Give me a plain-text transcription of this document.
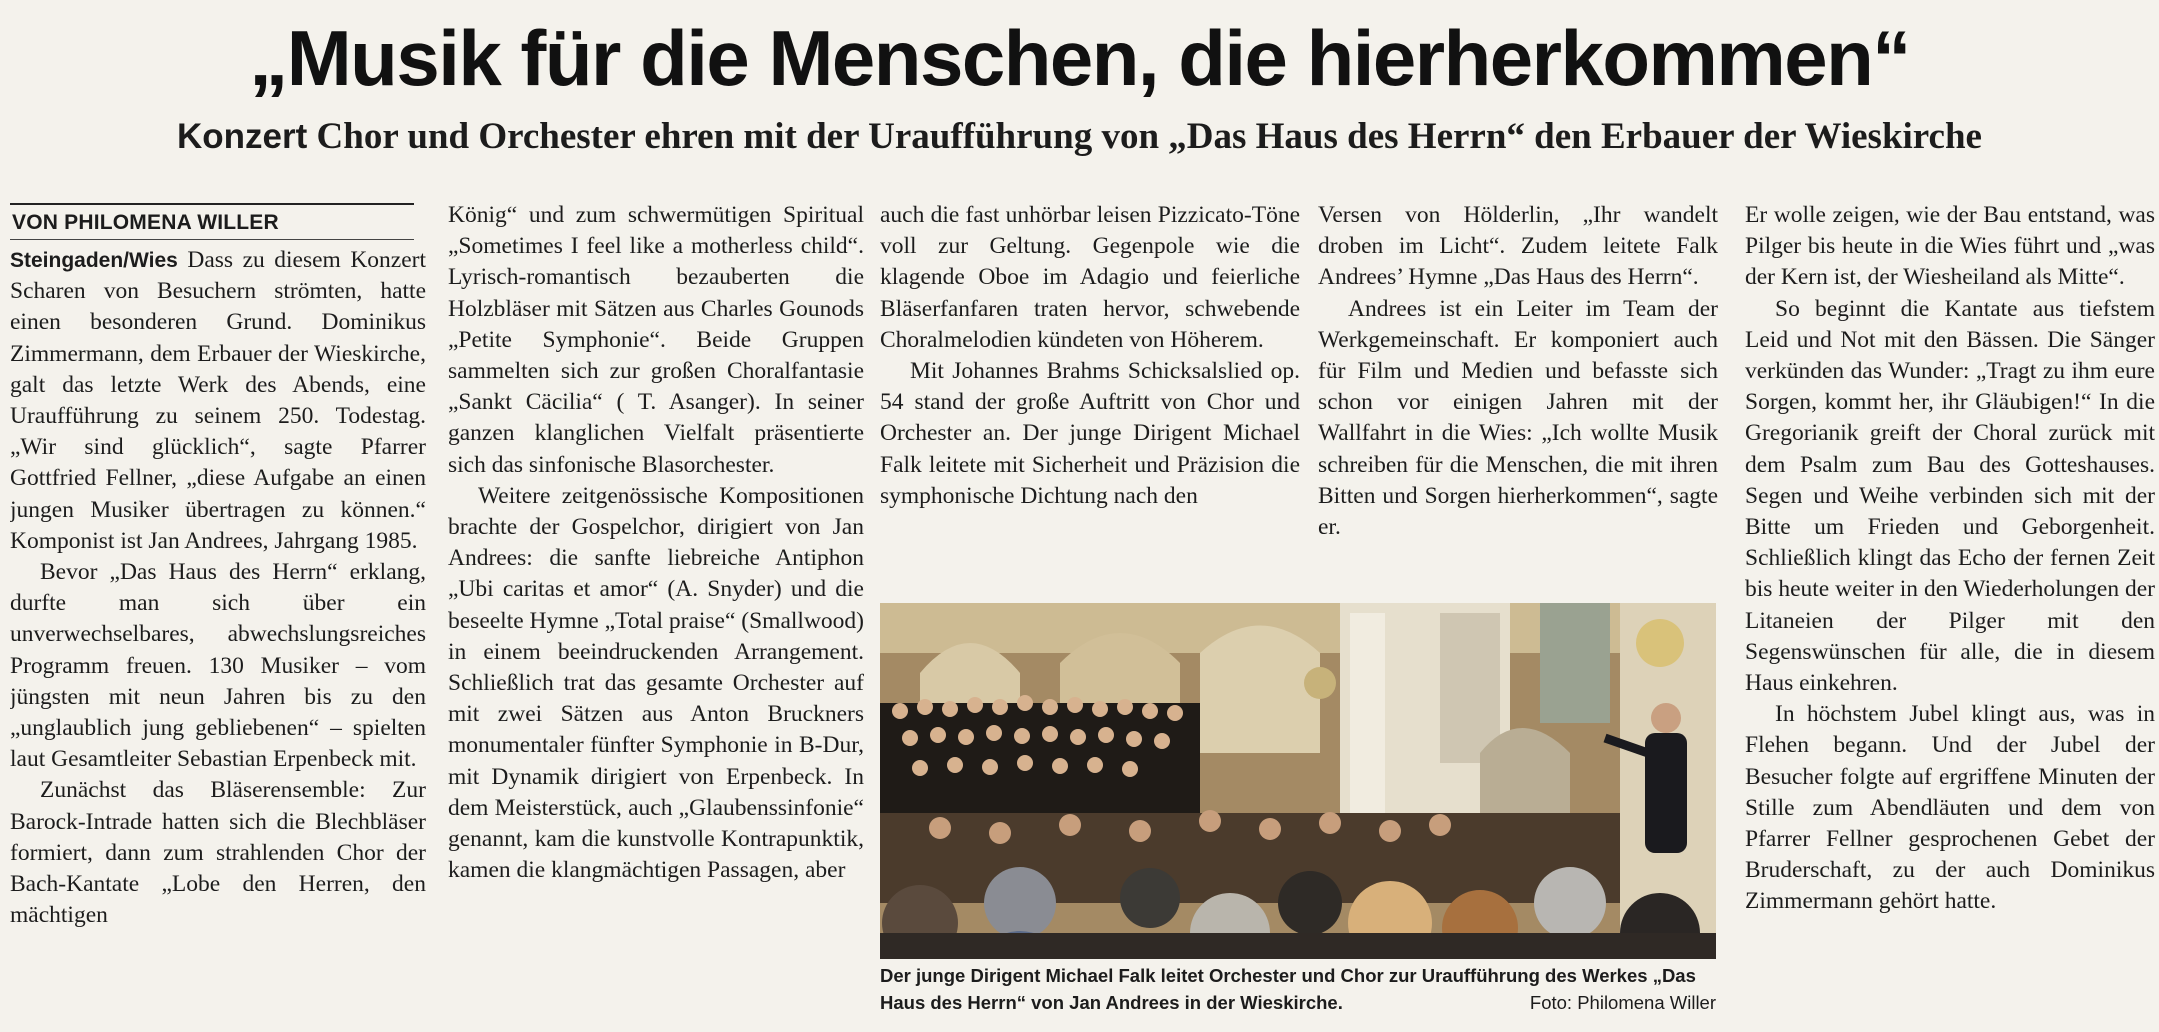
„Musik für die Menschen, die hierherkommen“
Konzert Chor und Orchester ehren mit der Uraufführung von „Das Haus des Herrn“ den Erbauer der Wieskirche
VON PHILOMENA WILLER

Steingaden/Wies Dass zu diesem Konzert Scharen von Besuchern strömten, hatte einen besonderen Grund. Dominikus Zimmermann, dem Erbauer der Wieskirche, galt das letzte Werk des Abends, eine Uraufführung zu seinem 250. Todestag. „Wir sind glücklich“, sagte Pfarrer Gottfried Fellner, „diese Aufgabe an einen jungen Musiker übertragen zu können.“ Komponist ist Jan Andrees, Jahrgang 1985.

Bevor „Das Haus des Herrn“ erklang, durfte man sich über ein unverwechselbares, abwechslungsreiches Programm freuen. 130 Musiker – vom jüngsten mit neun Jahren bis zu den „unglaublich jung gebliebenen“ – spielten laut Gesamtleiter Sebastian Erpenbeck mit.

Zunächst das Bläserensemble: Zur Barock-Intrade hatten sich die Blechbläser formiert, dann zum strahlenden Chor der Bach-Kantate „Lobe den Herren, den mächtigen

König“ und zum schwermütigen Spiritual „Sometimes I feel like a motherless child“. Lyrisch-romantisch bezauberten die Holzbläser mit Sätzen aus Charles Gounods „Petite Symphonie“. Beide Gruppen sammelten sich zur großen Choralfantasie „Sankt Cäcilia“ ( T. Asanger). In seiner ganzen klanglichen Vielfalt präsentierte sich das sinfonische Blasorchester.

Weitere zeitgenössische Kompositionen brachte der Gospelchor, dirigiert von Jan Andrees: die sanfte liebreiche Antiphon „Ubi caritas et amor“ (A. Snyder) und die beseelte Hymne „Total praise“ (Smallwood) in einem beeindruckenden Arrangement. Schließlich trat das gesamte Orchester auf mit zwei Sätzen aus Anton Bruckners monumentaler fünfter Symphonie in B-Dur, mit Dynamik dirigiert von Erpenbeck. In dem Meisterstück, auch „Glaubenssinfonie“ genannt, kam die kunstvolle Kontrapunktik, kamen die klangmächtigen Passagen, aber

auch die fast unhörbar leisen Pizzicato-Töne voll zur Geltung. Gegenpole wie die klagende Oboe im Adagio und feierliche Bläserfanfaren traten hervor, schwebende Choralmelodien kündeten von Höherem.

Mit Johannes Brahms Schicksalslied op. 54 stand der große Auftritt von Chor und Orchester an. Der junge Dirigent Michael Falk leitete mit Sicherheit und Präzision die symphonische Dichtung nach den

Versen von Hölderlin, „Ihr wandelt droben im Licht“. Zudem leitete Falk Andrees’ Hymne „Das Haus des Herrn“.

Andrees ist ein Leiter im Team der Werkgemeinschaft. Er komponiert auch für Film und Medien und befasste sich schon vor einigen Jahren mit der Wallfahrt in die Wies: „Ich wollte Musik schreiben für die Menschen, die mit ihren Bitten und Sorgen hierherkommen“, sagte er.

Er wolle zeigen, wie der Bau entstand, was Pilger bis heute in die Wies führt und „was der Kern ist, der Wiesheiland als Mitte“.

So beginnt die Kantate aus tiefstem Leid und Not mit den Bässen. Die Sänger verkünden das Wunder: „Tragt zu ihm eure Sorgen, kommt her, ihr Gläubigen!“ In die Gregorianik greift der Choral zurück mit dem Psalm zum Bau des Gotteshauses. Segen und Weihe verbinden sich mit der Bitte um Frieden und Geborgenheit. Schließlich klingt das Echo der fernen Zeit bis heute weiter in den Wiederholungen der Litaneien der Pilger mit den Segenswünschen für alle, die in diesem Haus einkehren.

In höchstem Jubel klingt aus, was in Flehen begann. Und der Jubel der Besucher folgte auf ergriffene Minuten der Stille zum Abendläuten und dem von Pfarrer Fellner gesprochenen Gebet der Bruderschaft, zu der auch Dominikus Zimmermann gehört hatte.

Der junge Dirigent Michael Falk leitet Orchester und Chor zur Uraufführung des Werkes „Das Haus des Herrn“ von Jan Andrees in der Wieskirche.	Foto: Philomena Willer
